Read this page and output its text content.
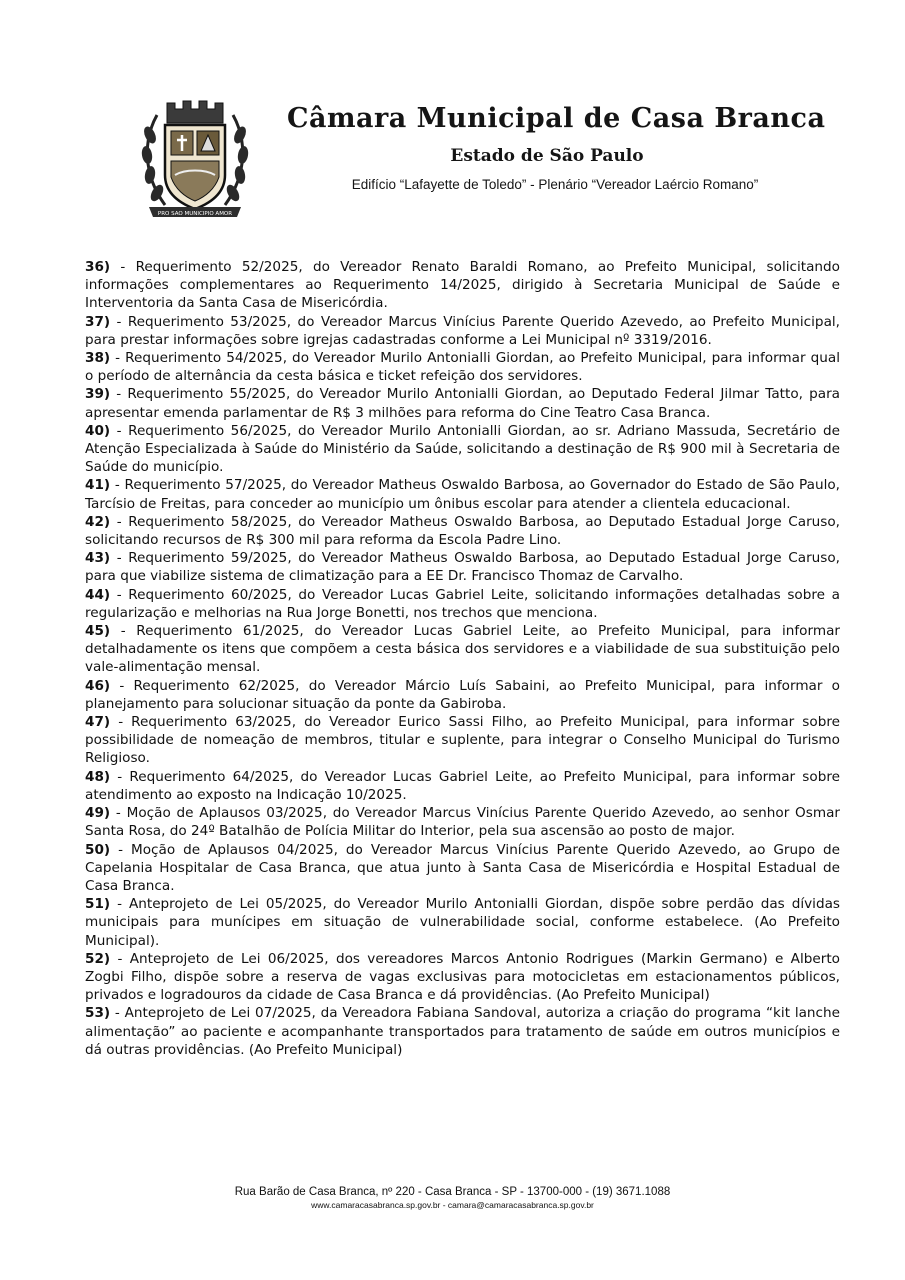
PRO SAO MUNICIPIO AMOR
Câmara Municipal de Casa Branca
Estado de São Paulo
Edifício “Lafayette de Toledo” - Plenário “Vereador Laércio Romano”

36) - Requerimento 52/2025, do Vereador Renato Baraldi Romano, ao Prefeito Municipal, solicitando informações complementares ao Requerimento 14/2025, dirigido à Secretaria Municipal de Saúde e Interventoria da Santa Casa de Misericórdia.

37) - Requerimento 53/2025, do Vereador Marcus Vinícius Parente Querido Azevedo, ao Prefeito Municipal, para prestar informações sobre igrejas cadastradas conforme a Lei Municipal nº 3319/2016.

38) - Requerimento 54/2025, do Vereador Murilo Antonialli Giordan, ao Prefeito Municipal, para informar qual o período de alternância da cesta básica e ticket refeição dos servidores.

39) - Requerimento 55/2025, do Vereador Murilo Antonialli Giordan, ao Deputado Federal Jilmar Tatto, para apresentar emenda parlamentar de R$ 3 milhões para reforma do Cine Teatro Casa Branca.

40) - Requerimento 56/2025, do Vereador Murilo Antonialli Giordan, ao sr. Adriano Massuda, Secretário de Atenção Especializada à Saúde do Ministério da Saúde, solicitando a destinação de R$ 900 mil à Secretaria de Saúde do município.

41) - Requerimento 57/2025, do Vereador Matheus Oswaldo Barbosa, ao Governador do Estado de São Paulo, Tarcísio de Freitas, para conceder ao município um ônibus escolar para atender a clientela educacional.

42) - Requerimento 58/2025, do Vereador Matheus Oswaldo Barbosa, ao Deputado Estadual Jorge Caruso, solicitando recursos de R$ 300 mil para reforma da Escola Padre Lino.

43) - Requerimento 59/2025, do Vereador Matheus Oswaldo Barbosa, ao Deputado Estadual Jorge Caruso, para que viabilize sistema de climatização para a EE Dr. Francisco Thomaz de Carvalho.

44) - Requerimento 60/2025, do Vereador Lucas Gabriel Leite, solicitando informações detalhadas sobre a regularização e melhorias na Rua Jorge Bonetti, nos trechos que menciona.

45) - Requerimento 61/2025, do Vereador Lucas Gabriel Leite, ao Prefeito Municipal, para informar detalhadamente os itens que compõem a cesta básica dos servidores e a viabilidade de sua substituição pelo vale-alimentação mensal.

46) - Requerimento 62/2025, do Vereador Márcio Luís Sabaini, ao Prefeito Municipal, para informar o planejamento para solucionar situação da ponte da Gabiroba.

47) - Requerimento 63/2025, do Vereador Eurico Sassi Filho, ao Prefeito Municipal, para informar sobre possibilidade de nomeação de membros, titular e suplente, para integrar o Conselho Municipal do Turismo Religioso.

48) - Requerimento 64/2025, do Vereador Lucas Gabriel Leite, ao Prefeito Municipal, para informar sobre atendimento ao exposto na Indicação 10/2025.

49) - Moção de Aplausos 03/2025, do Vereador Marcus Vinícius Parente Querido Azevedo, ao senhor Osmar Santa Rosa, do 24º Batalhão de Polícia Militar do Interior, pela sua ascensão ao posto de major.

50) - Moção de Aplausos 04/2025, do Vereador Marcus Vinícius Parente Querido Azevedo, ao Grupo de Capelania Hospitalar de Casa Branca, que atua junto à Santa Casa de Misericórdia e Hospital Estadual de Casa Branca.

51) - Anteprojeto de Lei 05/2025, do Vereador Murilo Antonialli Giordan, dispõe sobre perdão das dívidas municipais para munícipes em situação de vulnerabilidade social, conforme estabelece. (Ao Prefeito Municipal).

52) - Anteprojeto de Lei 06/2025, dos vereadores Marcos Antonio Rodrigues (Markin Germano) e Alberto Zogbi Filho, dispõe sobre a reserva de vagas exclusivas para motocicletas em estacionamentos públicos, privados e logradouros da cidade de Casa Branca e dá providências. (Ao Prefeito Municipal)

53) - Anteprojeto de Lei 07/2025, da Vereadora Fabiana Sandoval, autoriza a criação do programa “kit lanche alimentação” ao paciente e acompanhante transportados para tratamento de saúde em outros municípios e dá outras providências. (Ao Prefeito Municipal)

Rua Barão de Casa Branca, nº 220 - Casa Branca - SP - 13700-000 - (19) 3671.1088
www.camaracasabranca.sp.gov.br - camara@camaracasabranca.sp.gov.br
